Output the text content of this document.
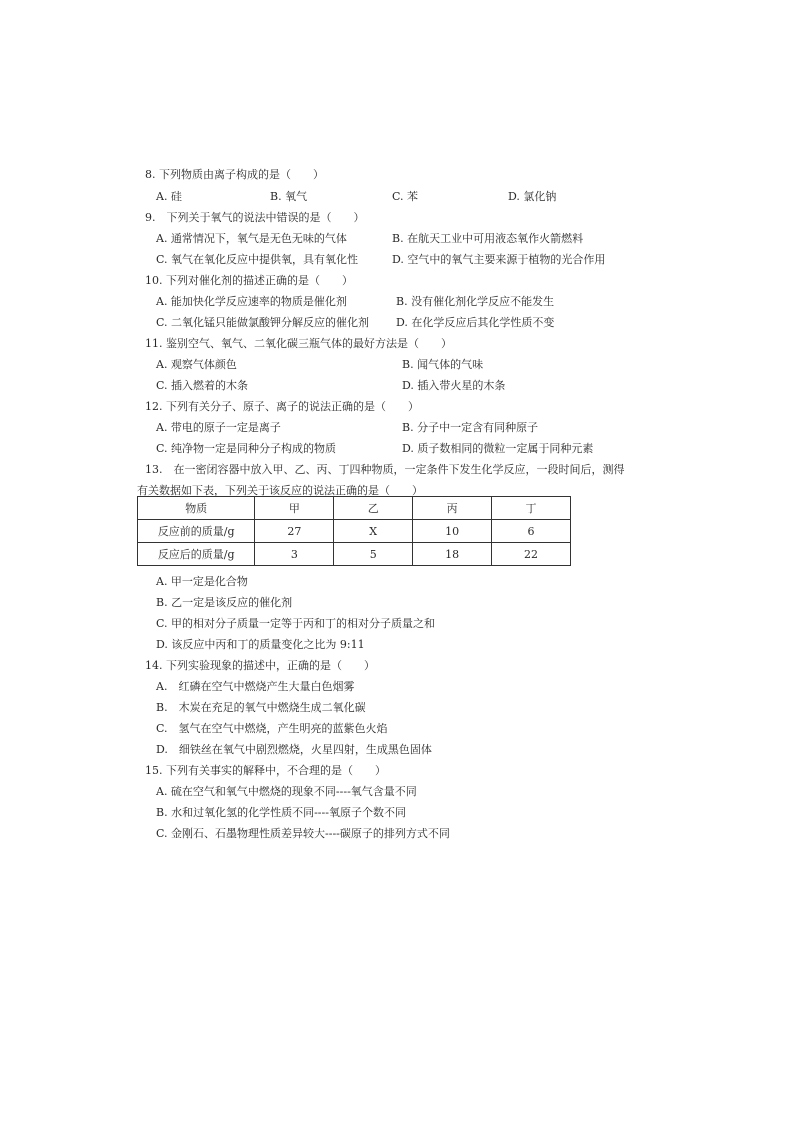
8. 下列物质由离子构成的是（　　）
A. 硅	B. 氧气	C. 苯	D. 氯化钠
9.　下列关于氧气的说法中错误的是（　　）
A. 通常情况下，氧气是无色无味的气体	B. 在航天工业中可用液态氧作火箭燃料
C. 氧气在氧化反应中提供氧，具有氧化性	D. 空气中的氧气主要来源于植物的光合作用
10. 下列对催化剂的描述正确的是（　　）
A. 能加快化学反应速率的物质是催化剂	B. 没有催化剂化学反应不能发生
C. 二氧化锰只能做氯酸钾分解反应的催化剂 D. 在化学反应后其化学性质不变
11. 鉴别空气、氧气、二氧化碳三瓶气体的最好方法是（　　）
A. 观察气体颜色	B. 闻气体的气味
C. 插入燃着的木条	D. 插入带火星的木条
12. 下列有关分子、原子、离子的说法正确的是（　　）
A. 带电的原子一定是离子	B. 分子中一定含有同种原子
C. 纯净物一定是同种分子构成的物质	D. 质子数相同的微粒一定属于同种元素
13.　在一密闭容器中放入甲、乙、丙、丁四种物质，一定条件下发生化学反应，一段时间后，测得
有关数据如下表，下列关于该反应的说法正确的是（　　）
物质	甲	乙	丙	丁
反应前的质量/g	27	X	10	6
反应后的质量/g	3	5	18	22
A. 甲一定是化合物
B. 乙一定是该反应的催化剂
C. 甲的相对分子质量一定等于丙和丁的相对分子质量之和
D. 该反应中丙和丁的质量变化之比为 9:11
14. 下列实验现象的描述中，正确的是（　　）
A.　红磷在空气中燃烧产生大量白色烟雾
B.　木炭在充足的氧气中燃烧生成二氧化碳
C.　氢气在空气中燃烧，产生明亮的蓝紫色火焰
D.　细铁丝在氧气中剧烈燃烧，火星四射，生成黑色固体
15. 下列有关事实的解释中，不合理的是（　　）
A. 硫在空气和氧气中燃烧的现象不同----氧气含量不同
B. 水和过氧化氢的化学性质不同----氧原子个数不同
C. 金刚石、石墨物理性质差异较大----碳原子的排列方式不同
